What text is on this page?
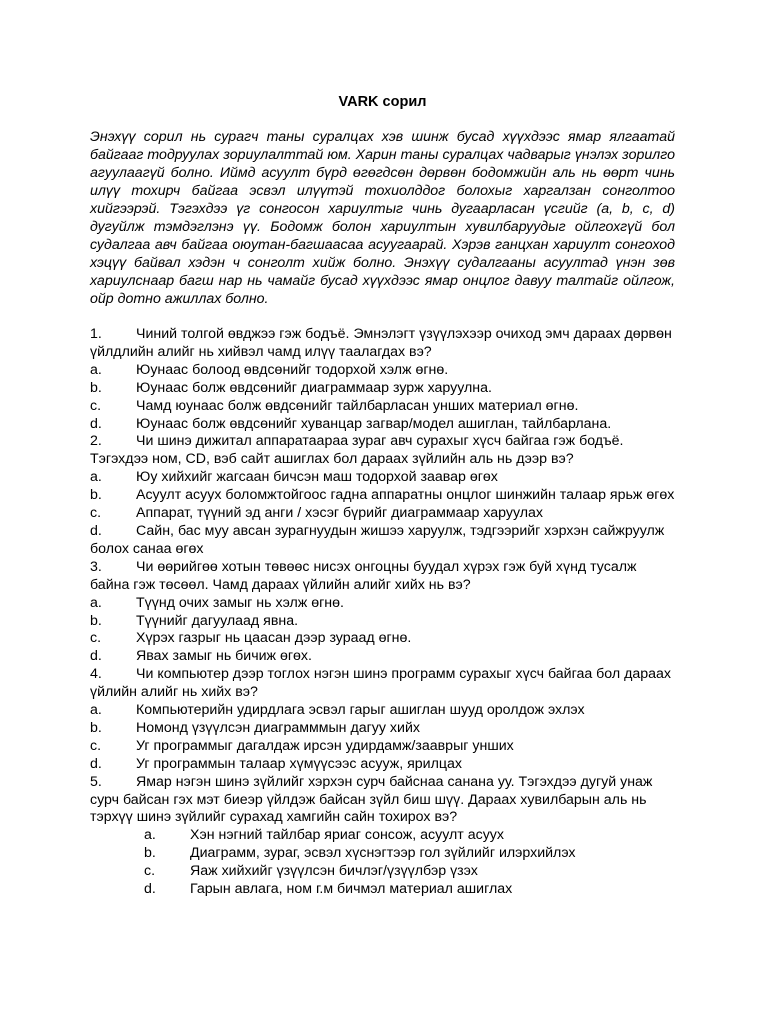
VARK сорил

Энэхүү сорил нь сурагч таны суралцах хэв шинж бусад хүүхдээс ямар ялгаатай байгааг тодруулах зориулалттай юм. Харин таны суралцах чадварыг үнэлэх зорилго агуулаагүй болно. Иймд асуулт бүрд өгөгдсөн дөрвөн бодомжийн аль нь өөрт чинь илүү тохирч байгаа эсвэл илүүтэй тохиолддог болохыг харгалзан сонголтоо хийгээрэй. Тэгэхдээ үг сонгосон хариултыг чинь дугаарласан үсгийг (a, b, c, d) дугуйлж тэмдэглэнэ үү. Бодомж болон хариултын хувилбаруудыг ойлгохгүй бол судалгаа авч байгаа оюутан-багшаасаа асуугаарай. Хэрэв ганцхан хариулт сонгоход хэцүү байвал хэдэн ч сонголт хийж болно. Энэхүү судалгааны асуултад үнэн зөв хариулснаар багш нар нь чамайг бусад хүүхдээс ямар онцлог давуу талтайг ойлгож, ойр дотно ажиллах болно.

1. Чиний толгой өвджээ гэж бодъё. Эмнэлэгт үзүүлэхээр очиход эмч дараах дөрвөн үйлдлийн алийг нь хийвэл чамд илүү таалагдах вэ?

a. Юунаас болоод өвдсөнийг тодорхой хэлж өгнө.

b. Юунаас болж өвдсөнийг диаграммаар зурж харуулна.

c. Чамд юунаас болж өвдсөнийг тайлбарласан унших материал өгнө.

d. Юунаас болж өвдсөнийг хуванцар загвар/модел ашиглан, тайлбарлана.

2. Чи шинэ дижитал аппаратаараа зураг авч сурахыг хүсч байгаа гэж бодъё. Тэгэхдээ ном, CD, вэб сайт ашиглах бол дараах зүйлийн аль нь дээр вэ?

a. Юу хийхийг жагсаан бичсэн маш тодорхой заавар өгөх

b. Асуулт асуух боломжтойгоос гадна аппаратны онцлог шинжийн талаар ярьж өгөх

c. Аппарат, түүний эд анги / хэсэг бүрийг диаграммаар харуулах

d. Сайн, бас муу авсан зурагнуудын жишээ харуулж, тэдгээрийг хэрхэн сайжруулж болох санаа өгөх

3. Чи өөрийгөө хотын төвөөс нисэх онгоцны буудал хүрэх гэж буй хүнд тусалж байна гэж төсөөл. Чамд дараах үйлийн алийг хийх нь вэ?

a. Түүнд очих замыг нь хэлж өгнө.

b. Түүнийг дагуулаад явна.

c. Хүрэх газрыг нь цаасан дээр зураад өгнө.

d. Явах замыг нь бичиж өгөх.

4. Чи компьютер дээр тоглох нэгэн шинэ программ сурахыг хүсч байгаа бол дараах үйлийн алийг нь хийх вэ?

a. Компьютерийн удирдлага эсвэл гарыг ашиглан шууд оролдож эхлэх

b. Номонд үзүүлсэн диаграмммын дагуу хийх

c. Уг программыг дагалдаж ирсэн удирдамж/зааврыг унших

d. Уг программын талаар хүмүүсээс асууж, ярилцах

5. Ямар нэгэн шинэ зүйлийг хэрхэн сурч байснаа санана уу. Тэгэхдээ дугуй унаж сурч байсан гэх мэт биеэр үйлдэж байсан зүйл биш шүү. Дараах хувилбарын аль нь тэрхүү шинэ зүйлийг сурахад хамгийн сайн тохирох вэ?

a. Хэн нэгний тайлбар яриаг сонсож, асуулт асуух

b. Диаграмм, зураг, эсвэл хүснэгтээр гол зүйлийг илэрхийлэх

c. Яаж хийхийг үзүүлсэн бичлэг/үзүүлбэр үзэх

d. Гарын авлага, ном г.м бичмэл материал ашиглах
